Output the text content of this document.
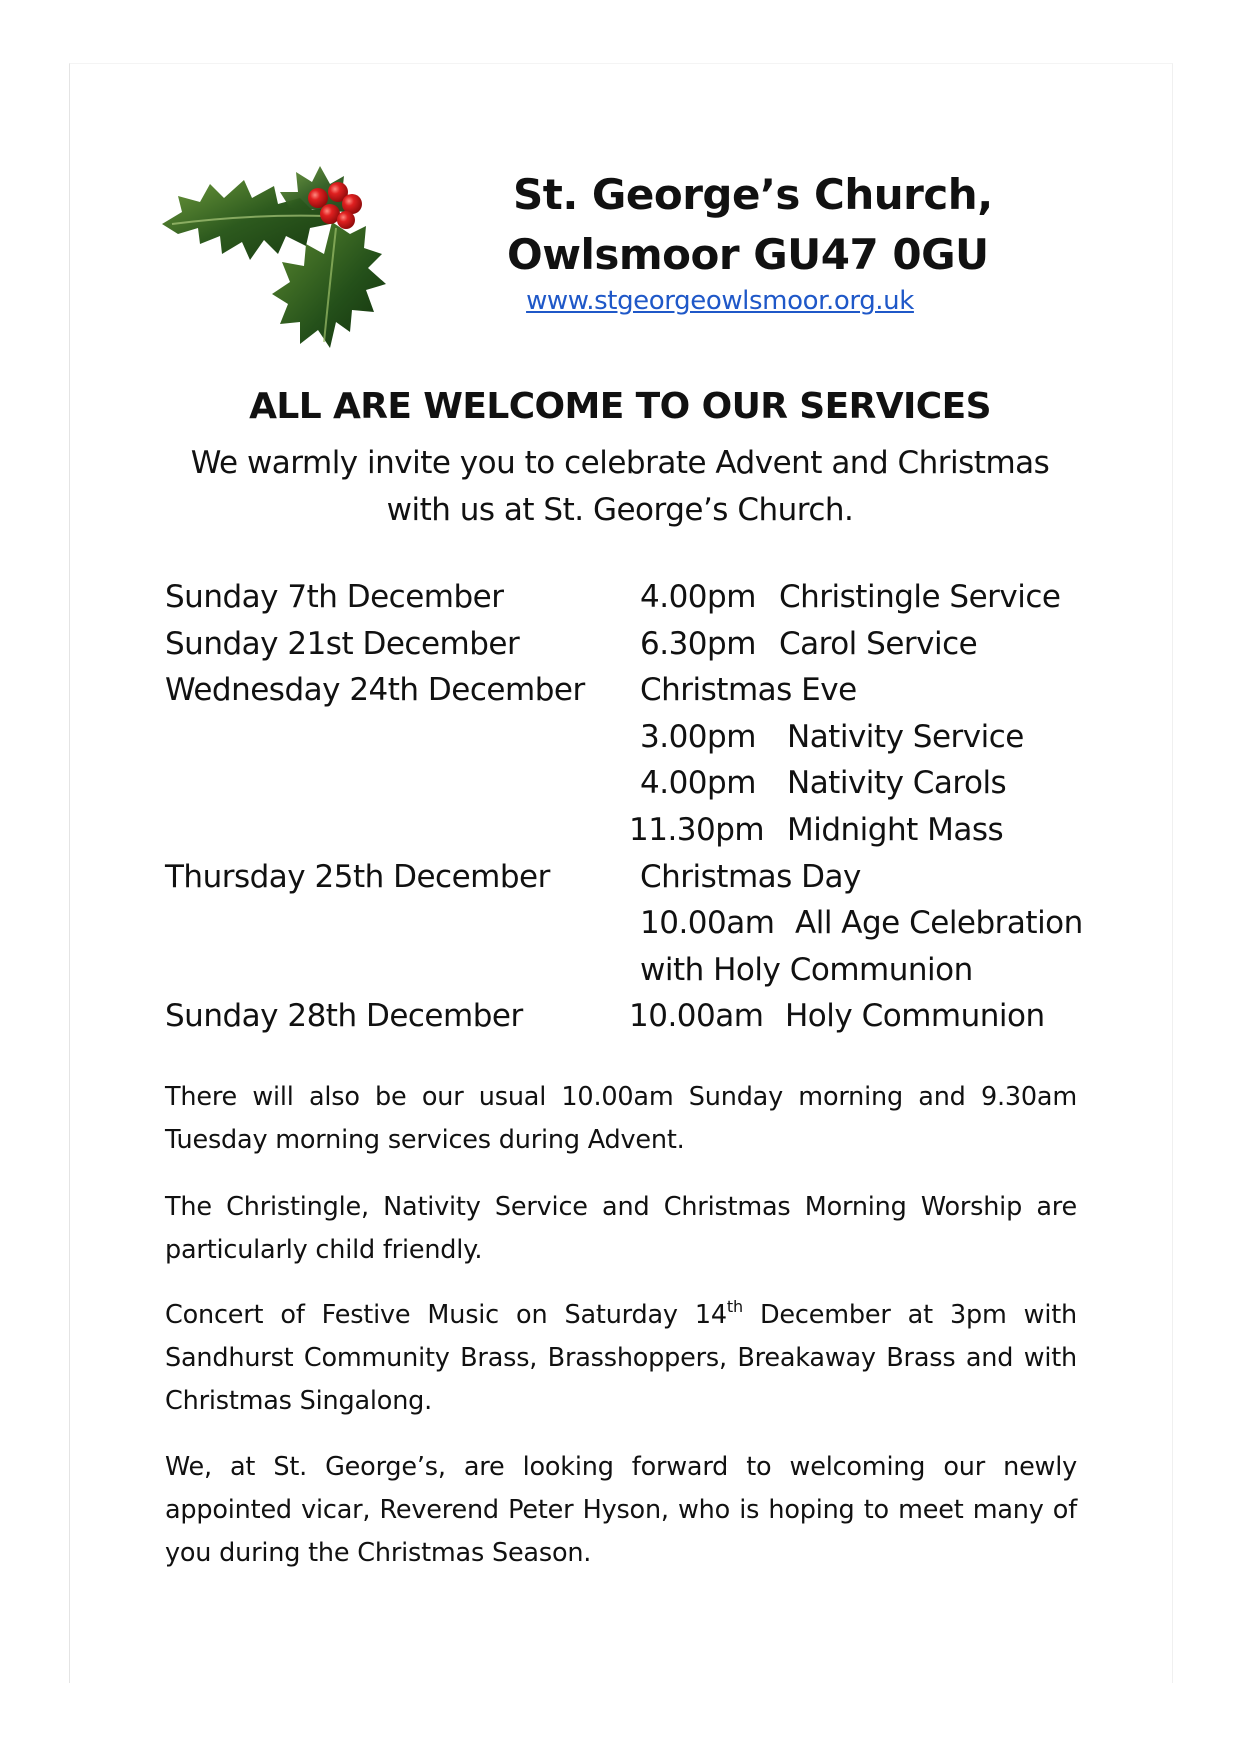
St. George’s Church,
Owlsmoor GU47 0GU
www.stgeorgeowlsmoor.org.uk
ALL ARE WELCOME TO OUR SERVICES
We warmly invite you to celebrate Advent and Christmas
with us at St. George’s Church.
Sunday 7th December	4.00pm Christingle Service
Sunday 21st December	6.30pm Carol Service
Wednesday 24th December Christmas Eve
3.00pm Nativity Service
4.00pm Nativity Carols
11.30pm Midnight Mass
Thursday 25th December	Christmas Day
10.00am All Age Celebration
with Holy Communion
Sunday 28th December	10.00am Holy Communion

There will also be our usual 10.00am Sunday morning and 9.30am Tuesday morning services during Advent.

The Christingle, Nativity Service and Christmas Morning Worship are particularly child friendly.

Concert of Festive Music on Saturday 14th December at 3pm with Sandhurst Community Brass, Brasshoppers, Breakaway Brass and with Christmas Singalong.

We, at St. George’s, are looking forward to welcoming our newly appointed vicar, Reverend Peter Hyson, who is hoping to meet many of you during the Christmas Season.
